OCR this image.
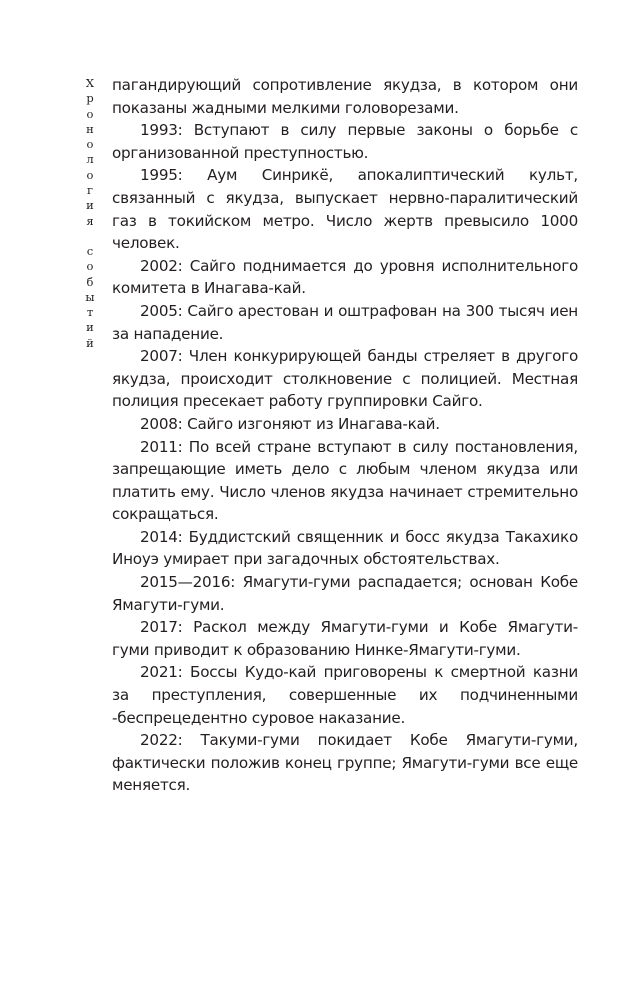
Х
р
о
н
о
л
о
г
и
я
с
о
б
ы
т
и
й

пагандирующий сопротивление якудза, в котором они показаны жадными мелкими головорезами.

1993: Вступают в силу первые законы о борьбе с организованной преступностью.

1995: Аум Синрикё, апокалиптический культ, связанный с якудза, выпускает нервно-паралитический газ в токийском метро. Число жертв превысило 1000 человек.

2002: Сайго поднимается до уровня исполнительного комитета в Инагава-кай.

2005: Сайго арестован и оштрафован на 300 тысяч иен за нападение.

2007: Член конкурирующей банды стреляет в другого якудза, происходит столкновение с полицией. Местная полиция пресекает работу группировки Сайго.

2008: Сайго изгоняют из Инагава-кай.

2011: По всей стране вступают в силу постановления, запрещающие иметь дело с любым членом якудза или платить ему. Число членов якудза начинает стремительно сокращаться.

2014: Буддистский священник и босс якудза Такахико Иноуэ умирает при загадочных обстоятельствах.

2015—2016: Ямагути-гуми распадается; основан Кобе Ямагути-гуми.

2017: Раскол между Ямагути-гуми и Кобе Ямагути-гуми приводит к образованию Нинке-Ямагути-гуми.

2021: Боссы Кудо-кай приговорены к смертной казни за преступления, совершенные их подчиненными -беспрецедентно суровое наказание.

2022: Такуми-гуми покидает Кобе Ямагути-гуми, фактически положив конец группе; Ямагути-гуми все еще меняется.
